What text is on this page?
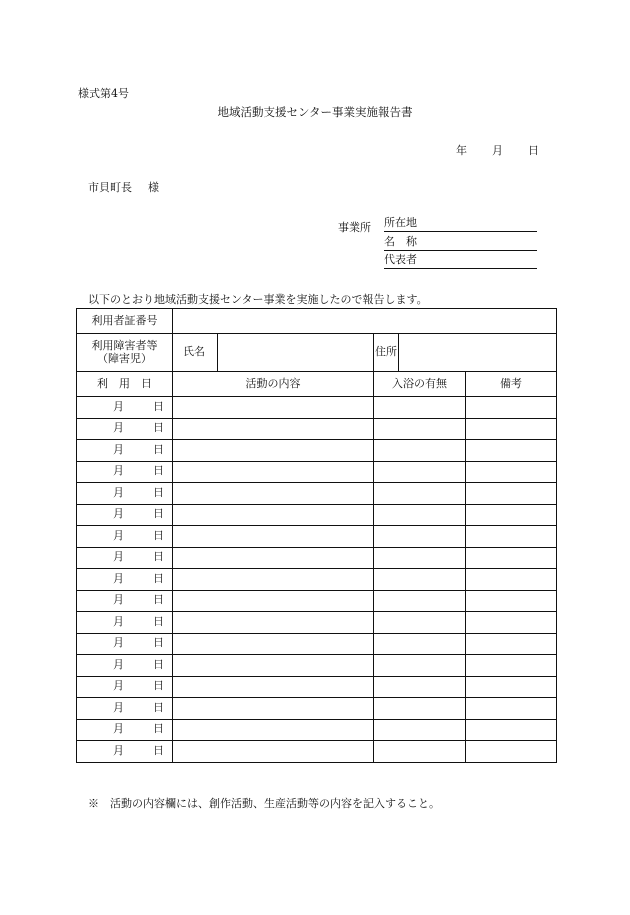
様式第4号
地域活動支援センター事業実施報告書
年 月 日
市貝町長 様
事業所 所在地
名　称
代表者
以下のとおり地域活動支援センター事業を実施したので報告します。
利用者証番号					

利用障害者等
（障害児）	氏名		住所		
利　用　日	活動の内容		入浴の有無		備考
月 日					
月 日					
月 日					
月 日					
月 日					
月 日					
月 日					
月 日					
月 日					
月 日					
月 日					
月 日					
月 日					
月 日					
月 日					
月 日					
月 日					
※　活動の内容欄には、創作活動、生産活動等の内容を記入すること。
